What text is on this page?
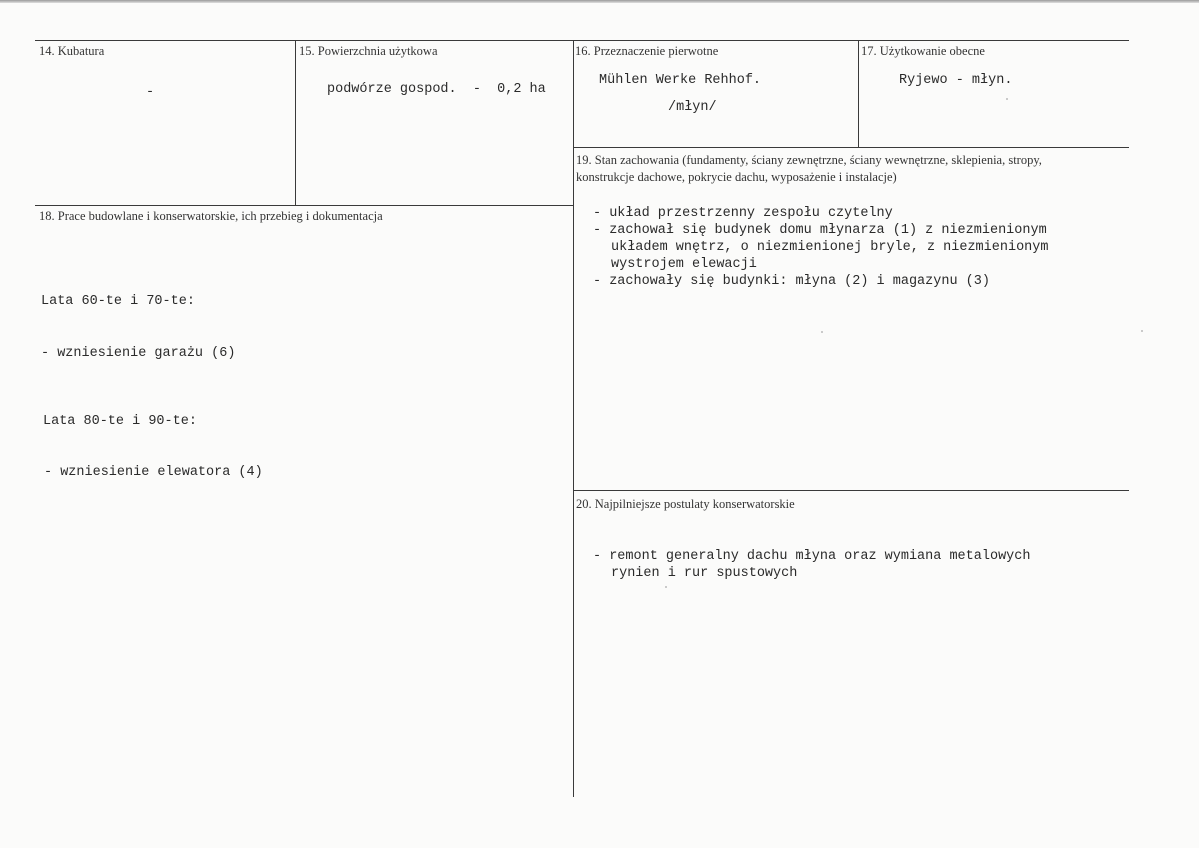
14. Kubatura
-
15. Powierzchnia użytkowa
podwórze gospod.  -  0,2 ha
16. Przeznaczenie pierwotne
Mühlen Werke Rehhof.
/młyn/
17. Użytkowanie obecne
Ryjewo - młyn.
19. Stan zachowania (fundamenty, ściany zewnętrzne, ściany wewnętrzne, sklepienia, stropy, konstrukcje dachowe, pokrycie dachu, wyposażenie i instalacje)
- układ przestrzenny zespołu czytelny
- zachował się budynek domu młynarza (1) z niezmienionym układem wnętrz, o niezmienionej bryle, z niezmienionym wystrojem elewacji
- zachowały się budynki: młyna (2) i magazynu (3)
18. Prace budowlane i konserwatorskie, ich przebieg i dokumentacja
Lata 60-te i 70-te:
- wzniesienie garażu (6)
Lata 80-te i 90-te:
- wzniesienie elewatora (4)
20. Najpilniejsze postulaty konserwatorskie
- remont generalny dachu młyna oraz wymiana metalowych rynien i rur spustowych
